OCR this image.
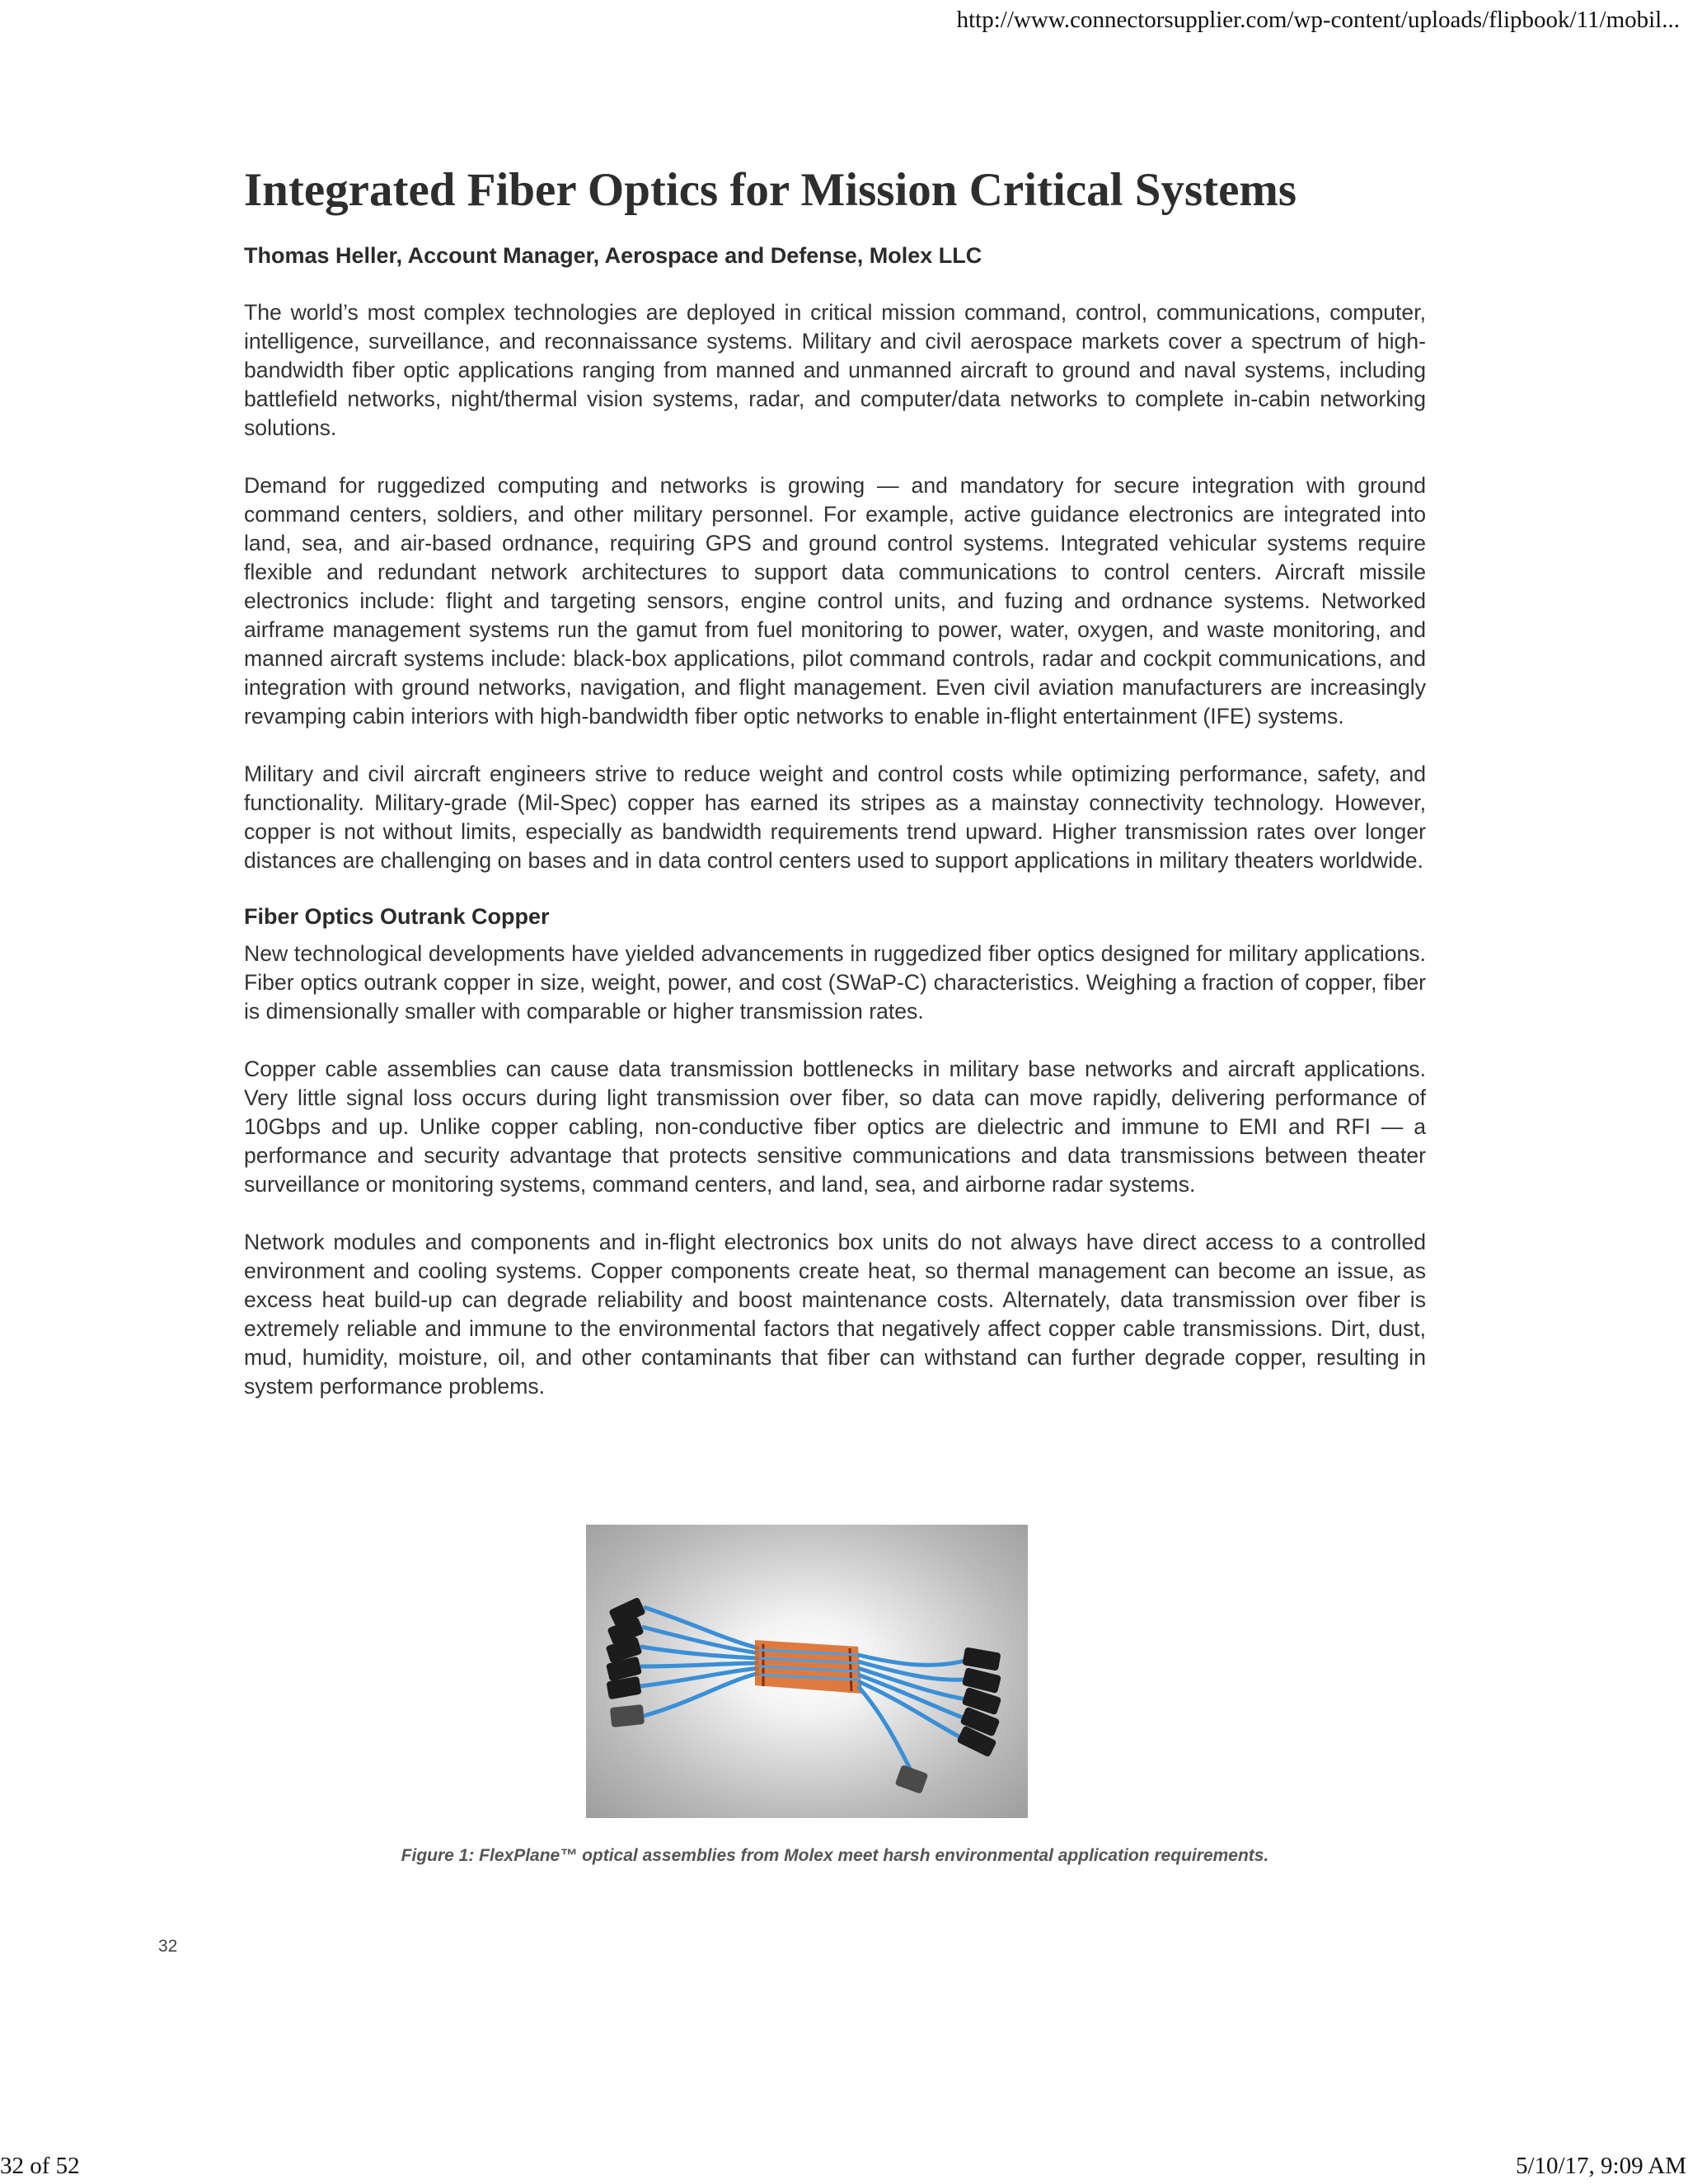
http://www.connectorsupplier.com/wp-content/uploads/flipbook/11/mobil...
Integrated Fiber Optics for Mission Critical Systems
Thomas Heller, Account Manager, Aerospace and Defense, Molex LLC

The world’s most complex technologies are deployed in critical mission command, control, communications, computer, intelligence, surveillance, and reconnaissance systems. Military and civil aerospace markets cover a spectrum of high-bandwidth fiber optic applications ranging from manned and unmanned aircraft to ground and naval systems, including battlefield networks, night/thermal vision systems, radar, and computer/data networks to complete in-cabin networking solutions.

Demand for ruggedized computing and networks is growing — and mandatory for secure integration with ground command centers, soldiers, and other military personnel. For example, active guidance electronics are integrated into land, sea, and air-based ordnance, requiring GPS and ground control systems. Integrated vehicular systems require flexible and redundant network architectures to support data communications to control centers. Aircraft missile electronics include: flight and targeting sensors, engine control units, and fuzing and ordnance systems. Networked airframe management systems run the gamut from fuel monitoring to power, water, oxygen, and waste monitoring, and manned aircraft systems include: black-box applications, pilot command controls, radar and cockpit communications, and integration with ground networks, navigation, and flight management. Even civil aviation manufacturers are increasingly revamping cabin interiors with high-bandwidth fiber optic networks to enable in-flight entertainment (IFE) systems.

Military and civil aircraft engineers strive to reduce weight and control costs while optimizing performance, safety, and functionality. Military-grade (Mil-Spec) copper has earned its stripes as a mainstay connectivity technology. However, copper is not without limits, especially as bandwidth requirements trend upward. Higher transmission rates over longer distances are challenging on bases and in data control centers used to support applications in military theaters worldwide.

Fiber Optics Outrank Copper

New technological developments have yielded advancements in ruggedized fiber optics designed for military applications. Fiber optics outrank copper in size, weight, power, and cost (SWaP-C) characteristics. Weighing a fraction of copper, fiber is dimensionally smaller with comparable or higher transmission rates.

Copper cable assemblies can cause data transmission bottlenecks in military base networks and aircraft applications. Very little signal loss occurs during light transmission over fiber, so data can move rapidly, delivering performance of 10Gbps and up. Unlike copper cabling, non-conductive fiber optics are dielectric and immune to EMI and RFI — a performance and security advantage that protects sensitive communications and data transmissions between theater surveillance or monitoring systems, command centers, and land, sea, and airborne radar systems.

Network modules and components and in-flight electronics box units do not always have direct access to a controlled environment and cooling systems. Copper components create heat, so thermal management can become an issue, as excess heat build-up can degrade reliability and boost maintenance costs. Alternately, data transmission over fiber is extremely reliable and immune to the environmental factors that negatively affect copper cable transmissions. Dirt, dust, mud, humidity, moisture, oil, and other contaminants that fiber can withstand can further degrade copper, resulting in system performance problems.

Figure 1: FlexPlane™ optical assemblies from Molex meet harsh environmental application requirements.
32
32 of 52	5/10/17, 9:09 AM
